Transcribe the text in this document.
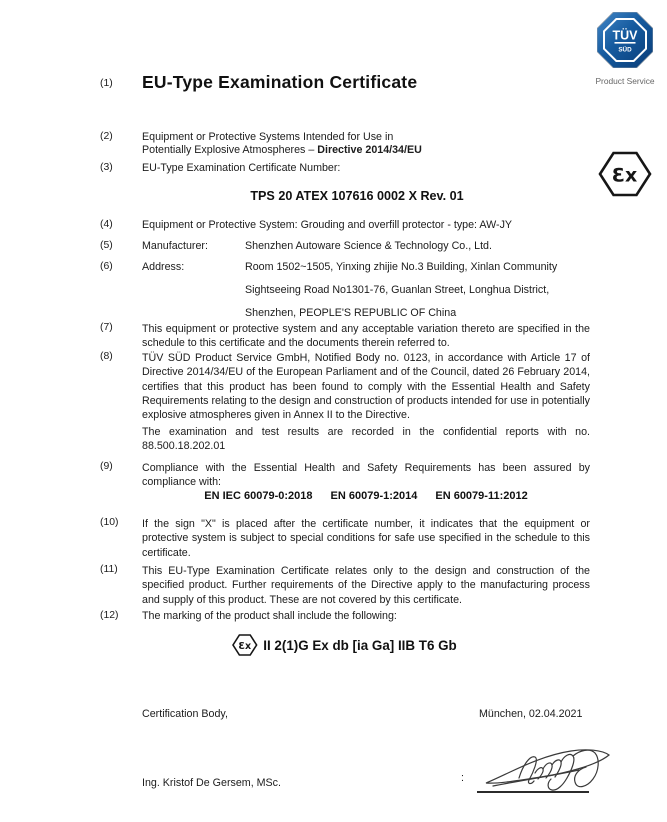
TÜV
SÜD
Product Service
(1)	EU-Type Examination Certificate
(2)	Equipment or Protective Systems Intended for Use in
Potentially Explosive Atmospheres – Directive 2014/34/EU
(3)	EU-Type Examination Certificate Number:	Ɛx
TPS 20 ATEX 107616 0002 X Rev. 01
(4)	Equipment or Protective System: Grouding and overfill protector - type: AW-JY
(5)	Manufacturer:	Shenzhen Autoware Science & Technology Co., Ltd.
(6)	Address:	Room 1502~1505, Yinxing zhijie No.3 Building, Xinlan Community
Sightseeing Road No1301-76, Guanlan Street, Longhua District,
Shenzhen, PEOPLE'S REPUBLIC OF China
(7)	This equipment or protective system and any acceptable variation thereto are specified in the schedule to this certificate and the documents therein referred to.
(8)	TÜV SÜD Product Service GmbH, Notified Body no. 0123, in accordance with Article 17 of Directive 2014/34/EU of the European Parliament and of the Council, dated 26 February 2014, certifies that this product has been found to comply with the Essential Health and Safety Requirements relating to the design and construction of products intended for use in potentially explosive atmospheres given in Annex II to the Directive.
The examination and test results are recorded in the confidential reports with no. 88.500.18.202.01
(9)	Compliance with the Essential Health and Safety Requirements has been assured by compliance with:
EN IEC 60079-0:2018 EN 60079-1:2014 EN 60079-11:2012
(10)	If the sign "X" is placed after the certificate number, it indicates that the equipment or protective system is subject to special conditions for safe use specified in the schedule to this certificate.
(11)	This EU-Type Examination Certificate relates only to the design and construction of the specified product. Further requirements of the Directive apply to the manufacturing process and supply of this product. These are not covered by this certificate.
(12)	The marking of the product shall include the following:
Ɛx II 2(1)G Ex db [ia Ga] IIB T6 Gb
Certification Body,	München, 02.04.2021
:
Ing. Kristof De Gersem, MSc.
